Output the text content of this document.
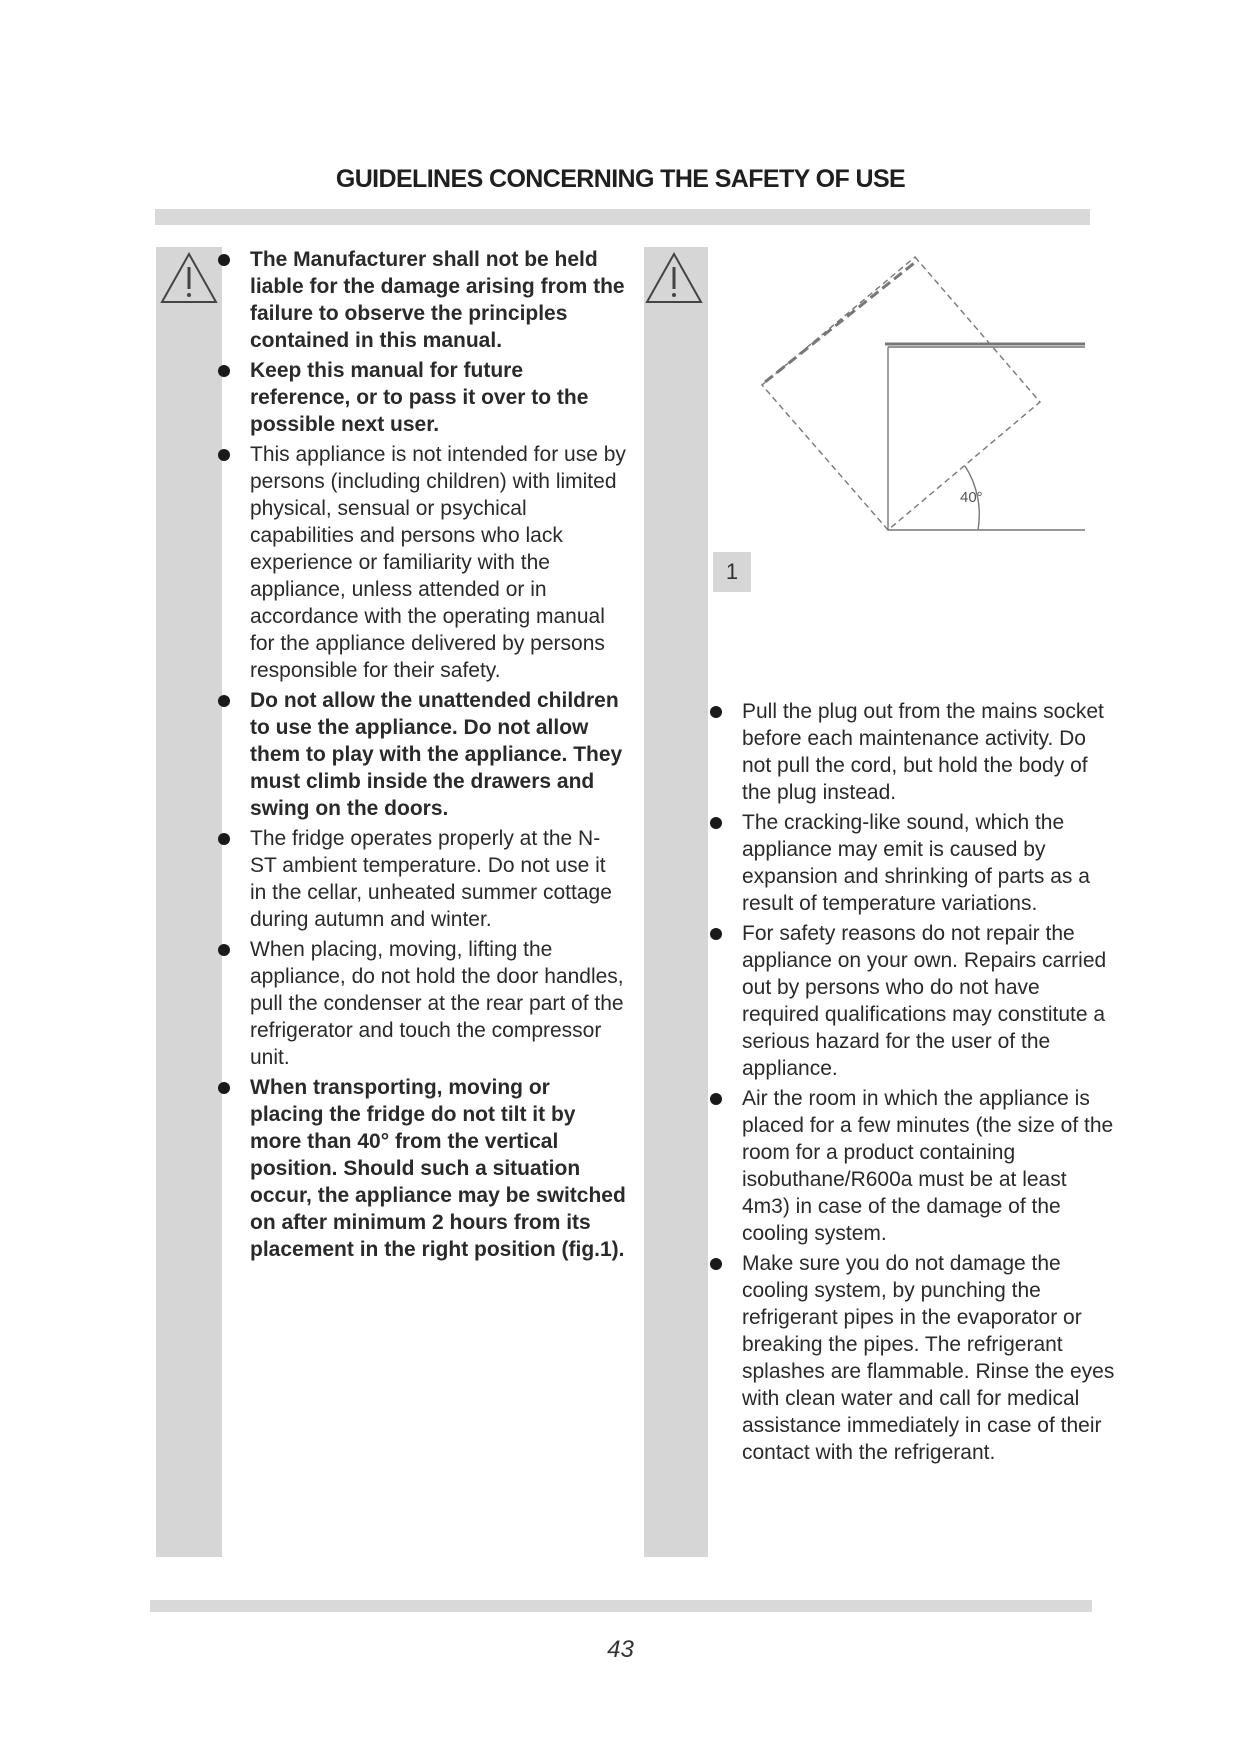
GUIDELINES CONCERNING THE SAFETY OF USE
The Manufacturer shall not be held liable for the damage arising from the failure to observe the principles contained in this manual.
Keep this manual for future reference, or to pass it over to the possible next user.
This appliance is not intended for use by persons (including children) with limited physical, sensual or psychical capabilities and persons who lack experience or familiarity with the appliance, unless attended or in accordance with the operating manual for the appliance delivered by persons responsible for their safety.
Do not allow the unattended children to use the appliance. Do not allow them to play with the appliance. They must climb inside the drawers and swing on the doors.
The fridge operates properly at the N-ST ambient temperature. Do not use it in the cellar, unheated summer cottage during autumn and winter.
When placing, moving, lifting the appliance, do not hold the door handles, pull the condenser at the rear part of the refrigerator and touch the compressor unit.
When transporting, moving or placing the fridge do not tilt it by more than 40° from the vertical position. Should such a situation occur, the appliance may be switched on after minimum 2 hours from its placement in the right position (fig.1).
40°
1
Pull the plug out from the mains socket before each maintenance activity. Do not pull the cord, but hold the body of the plug instead.
The cracking-like sound, which the appliance may emit is caused by expansion and shrinking of parts as a result of temperature variations.
For safety reasons do not repair the appliance on your own. Repairs carried out by persons who do not have required qualifications may constitute a serious hazard for the user of the appliance.
Air the room in which the appliance is placed for a few minutes (the size of the room for a product containing isobuthane/R600a must be at least 4m3) in case of the damage of the cooling system.
Make sure you do not damage the cooling system, by punching the refrigerant pipes in the evaporator or breaking the pipes. The refrigerant splashes are flammable. Rinse the eyes with clean water and call for medical assistance immediately in case of their contact with the refrigerant.
43
